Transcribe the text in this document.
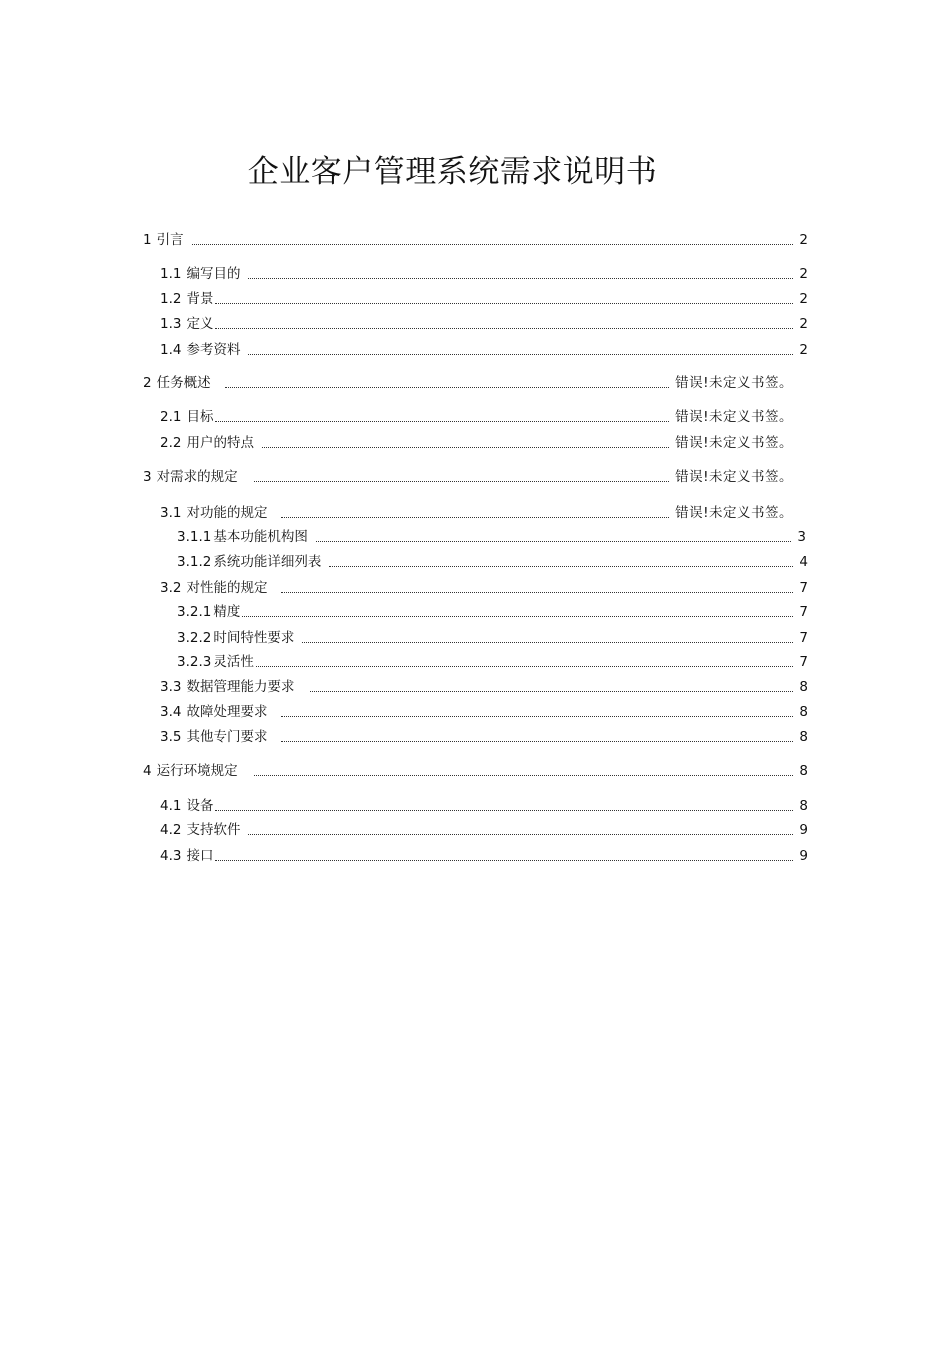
企业客户管理系统需求说明书
1 引言	2
1.1 编写目的	2
1.2 背景	2
1.3 定义	2
1.4 参考资料	2
2 任务概述	错误!未定义书签。
2.1 目标	错误!未定义书签。
2.2 用户的特点	错误!未定义书签。
3 对需求的规定	错误!未定义书签。
3.1 对功能的规定	错误!未定义书签。
3.1.1 基本功能机构图	3
3.1.2 系统功能详细列表	4
3.2 对性能的规定	7
3.2.1 精度	7
3.2.2 时间特性要求	7
3.2.3 灵活性	7
3.3 数据管理能力要求	8
3.4 故障处理要求	8
3.5 其他专门要求	8
4 运行环境规定	8
4.1 设备	8
4.2 支持软件	9
4.3 接口	9
